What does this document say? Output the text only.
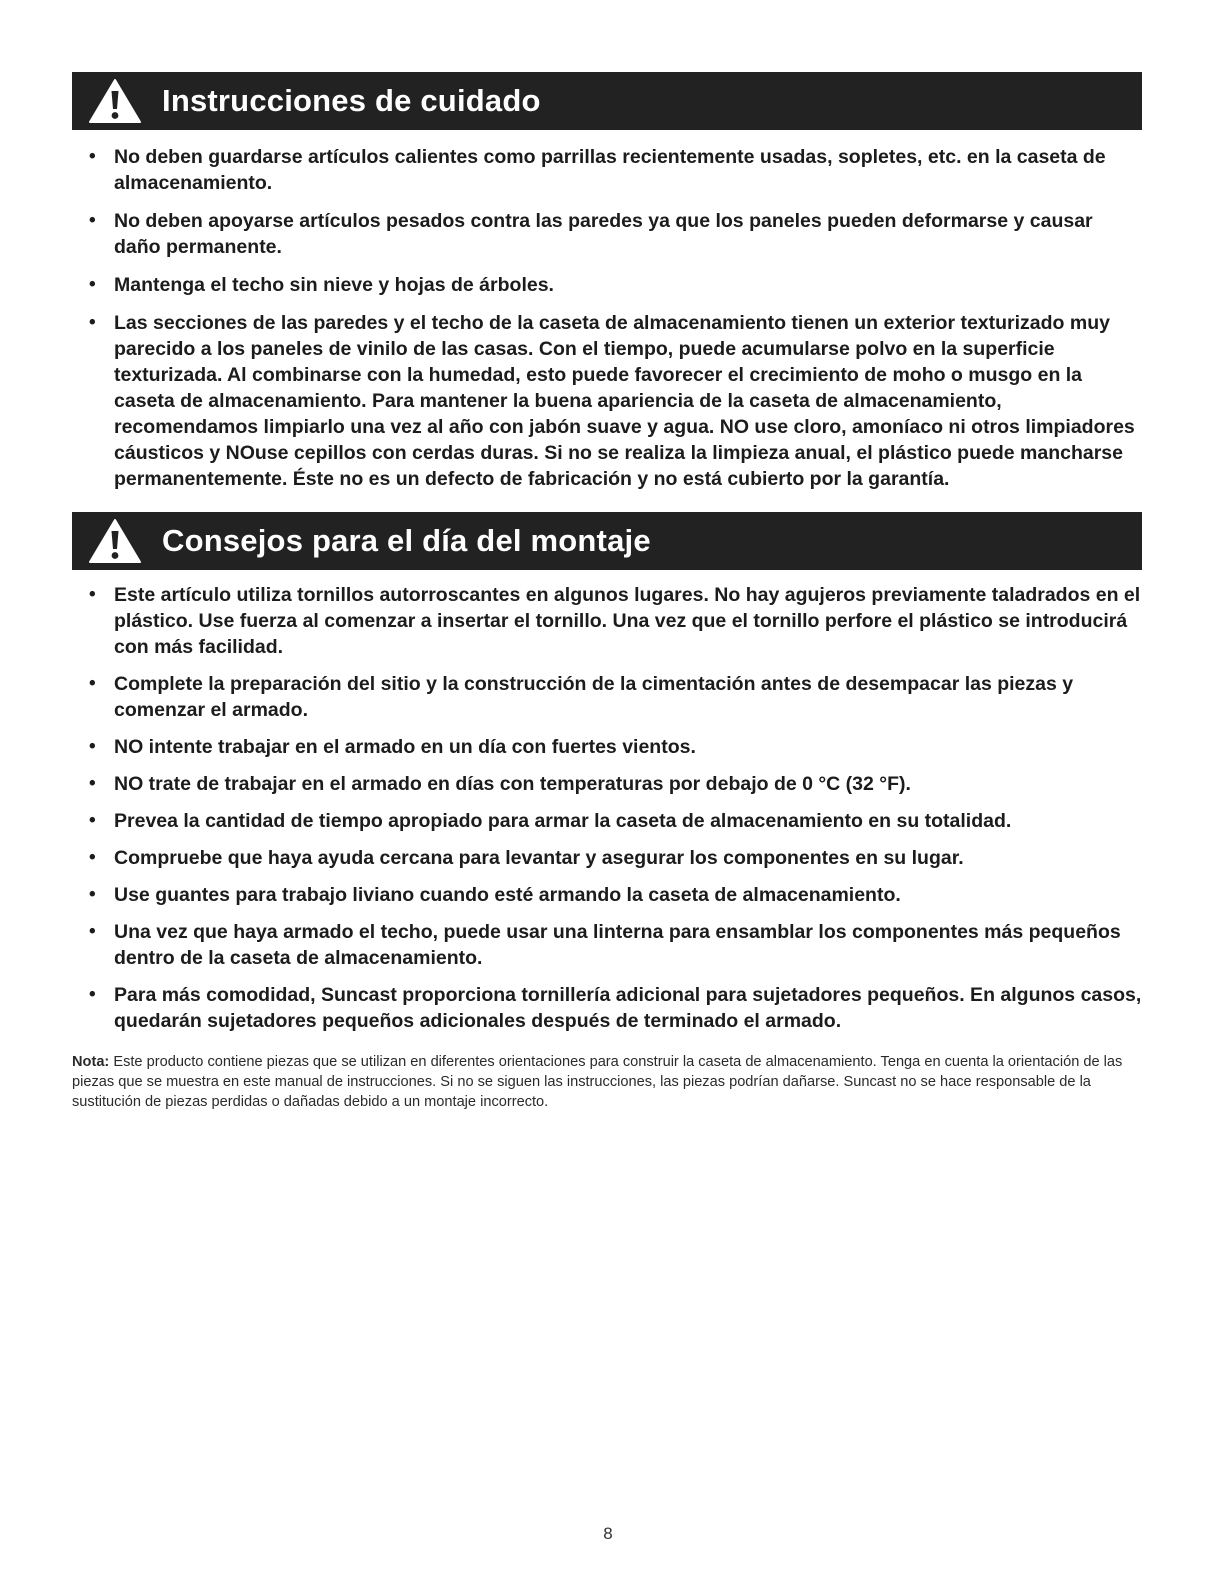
Instrucciones de cuidado
• No deben guardarse artículos calientes como parrillas recientemente usadas, sopletes, etc. en la caseta de almacenamiento.
• No deben apoyarse artículos pesados contra las paredes ya que los paneles pueden deformarse y causar daño permanente.
• Mantenga el techo sin nieve y hojas de árboles.
• Las secciones de las paredes y el techo de la caseta de almacenamiento tienen un exterior texturizado muy parecido a los paneles de vinilo de las casas. Con el tiempo, puede acumularse polvo en la superficie texturizada. Al combinarse con la humedad, esto puede favorecer el crecimiento de moho o musgo en la caseta de almacenamiento. Para mantener la buena apariencia de la caseta de almacenamiento, recomendamos limpiarlo una vez al año con jabón suave y agua. NO use cloro, amoníaco ni otros limpiadores cáusticos y NOuse cepillos con cerdas duras. Si no se realiza la limpieza anual, el plástico puede mancharse permanentemente. Éste no es un defecto de fabricación y no está cubierto por la garantía.
Consejos para el día del montaje
• Este artículo utiliza tornillos autorroscantes en algunos lugares. No hay agujeros previamente taladrados en el plástico. Use fuerza al comenzar a insertar el tornillo. Una vez que el tornillo perfore el plástico se introducirá con más facilidad.
• Complete la preparación del sitio y la construcción de la cimentación antes de desempacar las piezas y comenzar el armado.
• NO intente trabajar en el armado en un día con fuertes vientos.
• NO trate de trabajar en el armado en días con temperaturas por debajo de 0 °C (32 °F).
• Prevea la cantidad de tiempo apropiado para armar la caseta de almacenamiento en su totalidad.
• Compruebe que haya ayuda cercana para levantar y asegurar los componentes en su lugar.
• Use guantes para trabajo liviano cuando esté armando la caseta de almacenamiento.
• Una vez que haya armado el techo, puede usar una linterna para ensamblar los componentes más pequeños dentro de la caseta de almacenamiento.
• Para más comodidad, Suncast proporciona tornillería adicional para sujetadores pequeños. En algunos casos, quedarán sujetadores pequeños adicionales después de terminado el armado.

Nota: Este producto contiene piezas que se utilizan en diferentes orientaciones para construir la caseta de almacenamiento. Tenga en cuenta la orientación de las piezas que se muestra en este manual de instrucciones. Si no se siguen las instrucciones, las piezas podrían dañarse. Suncast no se hace responsable de la sustitución de piezas perdidas o dañadas debido a un montaje incorrecto.

8
